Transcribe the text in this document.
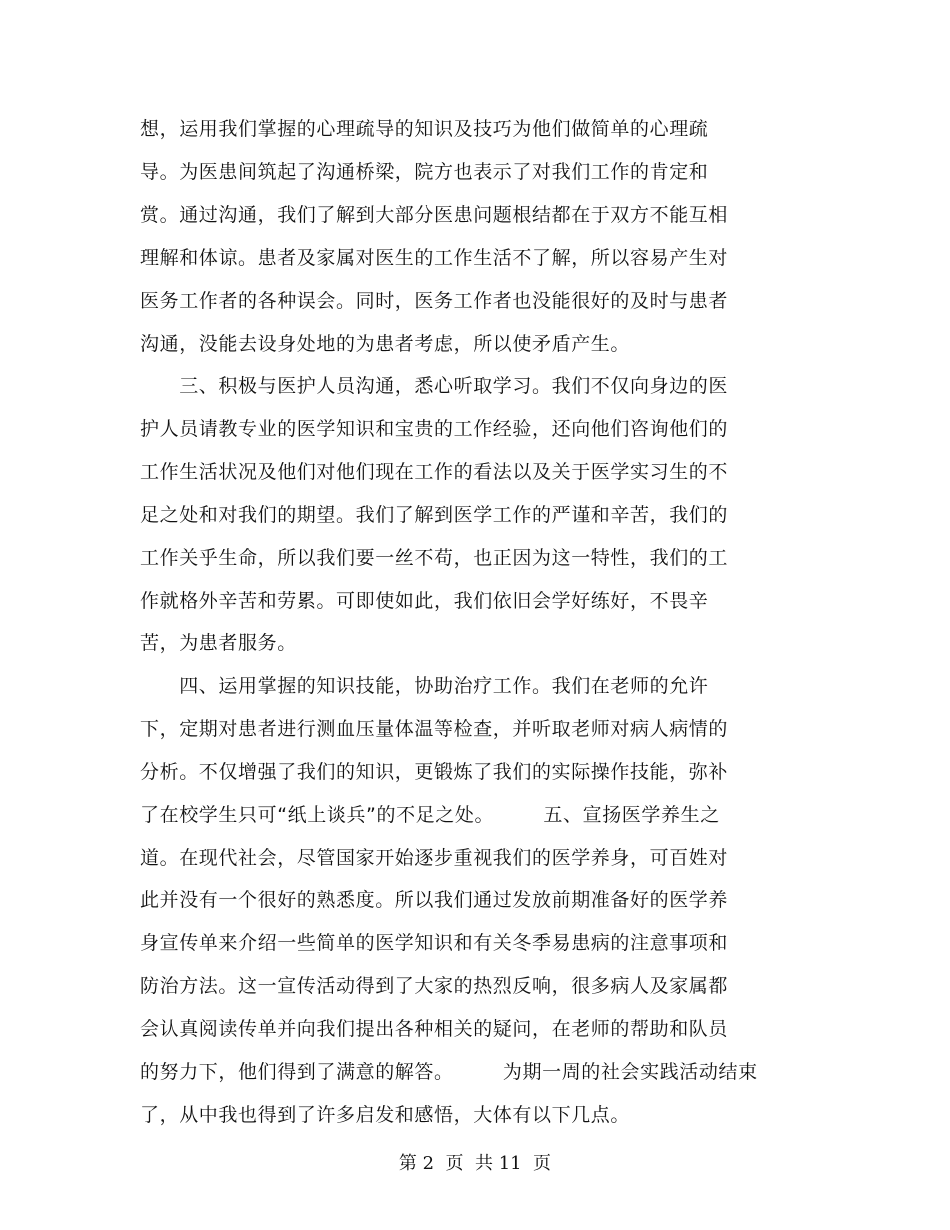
想，运用我们掌握的心理疏导的知识及技巧为他们做简单的心理疏
导。为医患间筑起了沟通桥梁，院方也表示了对我们工作的肯定和
赏。通过沟通，我们了解到大部分医患问题根结都在于双方不能互相
理解和体谅。患者及家属对医生的工作生活不了解，所以容易产生对
医务工作者的各种误会。同时，医务工作者也没能很好的及时与患者
沟通，没能去设身处地的为患者考虑，所以使矛盾产生。
　　三、积极与医护人员沟通，悉心听取学习。我们不仅向身边的医
护人员请教专业的医学知识和宝贵的工作经验，还向他们咨询他们的
工作生活状况及他们对他们现在工作的看法以及关于医学实习生的不
足之处和对我们的期望。我们了解到医学工作的严谨和辛苦，我们的
工作关乎生命，所以我们要一丝不苟，也正因为这一特性，我们的工
作就格外辛苦和劳累。可即使如此，我们依旧会学好练好，不畏辛
苦，为患者服务。
　　四、运用掌握的知识技能，协助治疗工作。我们在老师的允许
下，定期对患者进行测血压量体温等检查，并听取老师对病人病情的
分析。不仅增强了我们的知识，更锻炼了我们的实际操作技能，弥补
了在校学生只可“纸上谈兵”的不足之处。　　　五、宣扬医学养生之
道。在现代社会，尽管国家开始逐步重视我们的医学养身，可百姓对
此并没有一个很好的熟悉度。所以我们通过发放前期准备好的医学养
身宣传单来介绍一些简单的医学知识和有关冬季易患病的注意事项和
防治方法。这一宣传活动得到了大家的热烈反响，很多病人及家属都
会认真阅读传单并向我们提出各种相关的疑问，在老师的帮助和队员
的努力下，他们得到了满意的解答。　　　为期一周的社会实践活动结束
了，从中我也得到了许多启发和感悟，大体有以下几点。
第 2  页  共 11  页
